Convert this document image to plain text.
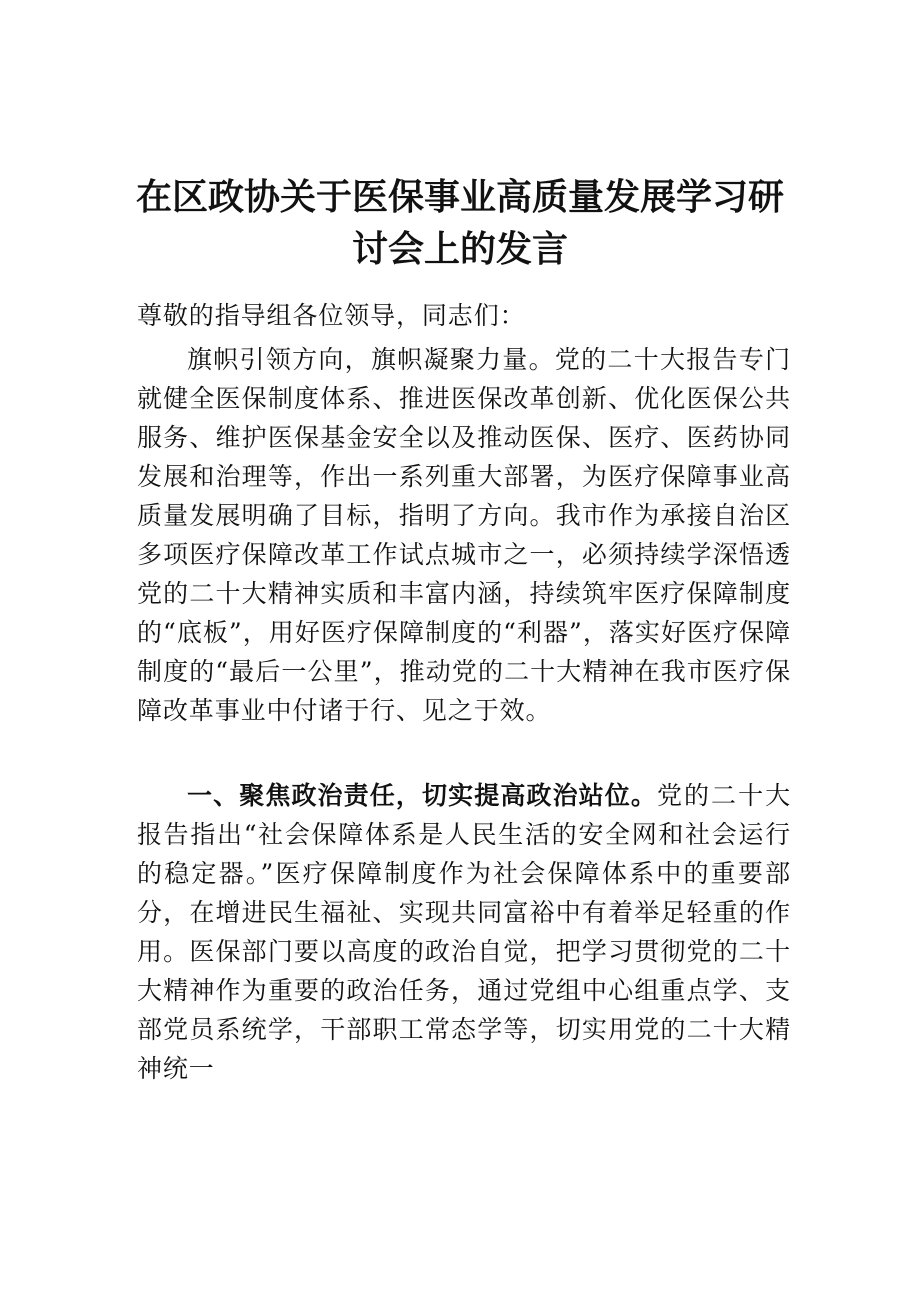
在区政协关于医保事业高质量发展学习研
讨会上的发言

尊敬的指导组各位领导，同志们：

旗帜引领方向，旗帜凝聚力量。党的二十大报告专门就健全医保制度体系、推进医保改革创新、优化医保公共服务、维护医保基金安全以及推动医保、医疗、医药协同发展和治理等，作出一系列重大部署，为医疗保障事业高质量发展明确了目标，指明了方向。我市作为承接自治区多项医疗保障改革工作试点城市之一，必须持续学深悟透党的二十大精神实质和丰富内涵，持续筑牢医疗保障制度的“底板”，用好医疗保障制度的“利器”，落实好医疗保障制度的“最后一公里”，推动党的二十大精神在我市医疗保障改革事业中付诸于行、见之于效。

一、聚焦政治责任，切实提高政治站位。党的二十大报告指出“社会保障体系是人民生活的安全网和社会运行的稳定器。”医疗保障制度作为社会保障体系中的重要部分，在增进民生福祉、实现共同富裕中有着举足轻重的作用。医保部门要以高度的政治自觉，把学习贯彻党的二十大精神作为重要的政治任务，通过党组中心组重点学、支部党员系统学，干部职工常态学等，切实用党的二十大精神统一
